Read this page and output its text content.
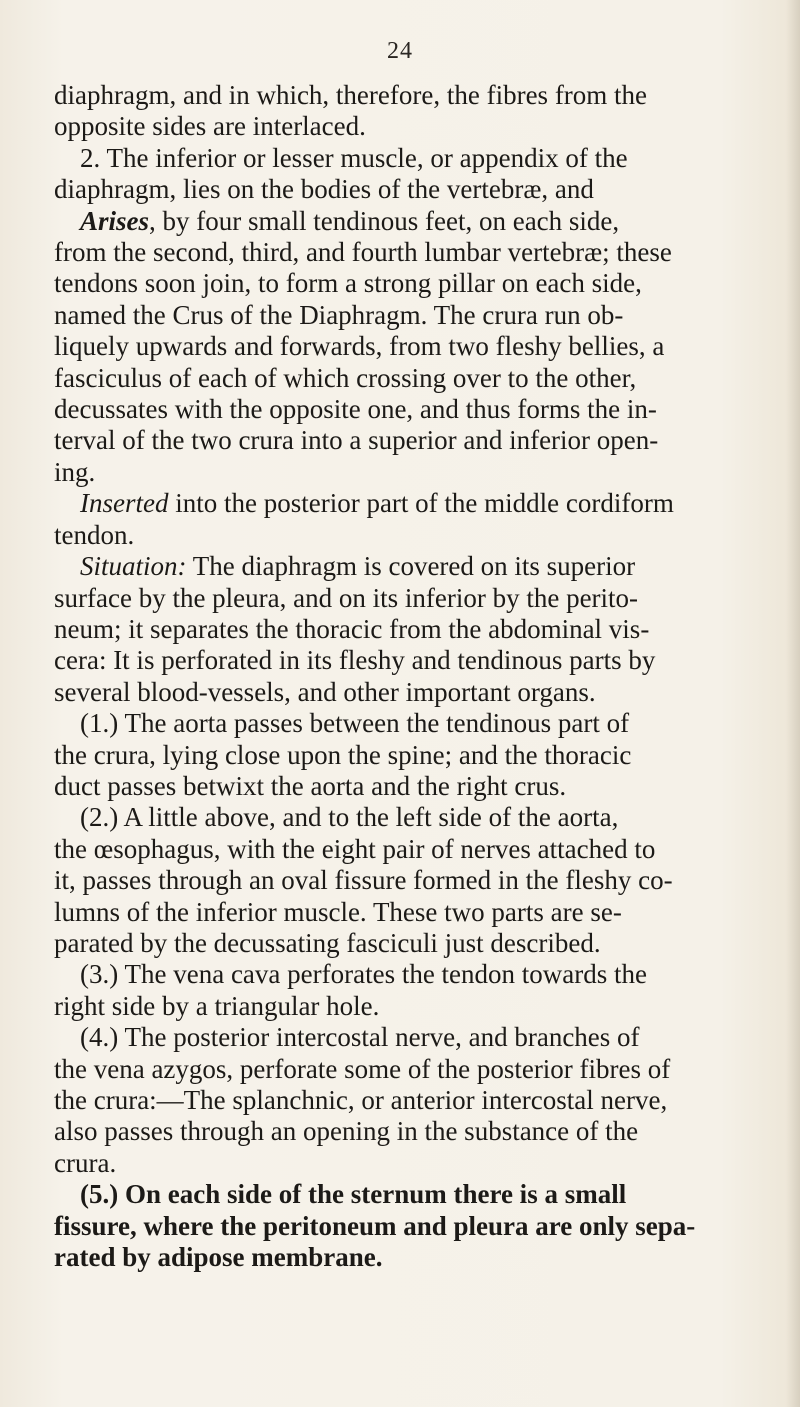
24
diaphragm, and in which, therefore, the fibres from the
opposite sides are interlaced.
2. The inferior or lesser muscle, or appendix of the
diaphragm, lies on the bodies of the vertebræ, and
Arises, by four small tendinous feet, on each side,
from the second, third, and fourth lumbar vertebræ; these
tendons soon join, to form a strong pillar on each side,
named the Crus of the Diaphragm. The crura run ob-
liquely upwards and forwards, from two fleshy bellies, a
fasciculus of each of which crossing over to the other,
decussates with the opposite one, and thus forms the in-
terval of the two crura into a superior and inferior open-
ing.
Inserted into the posterior part of the middle cordiform
tendon.
Situation: The diaphragm is covered on its superior
surface by the pleura, and on its inferior by the perito-
neum; it separates the thoracic from the abdominal vis-
cera: It is perforated in its fleshy and tendinous parts by
several blood-vessels, and other important organs.
(1.) The aorta passes between the tendinous part of
the crura, lying close upon the spine; and the thoracic
duct passes betwixt the aorta and the right crus.
(2.) A little above, and to the left side of the aorta,
the œsophagus, with the eight pair of nerves attached to
it, passes through an oval fissure formed in the fleshy co-
lumns of the inferior muscle. These two parts are se-
parated by the decussating fasciculi just described.
(3.) The vena cava perforates the tendon towards the
right side by a triangular hole.
(4.) The posterior intercostal nerve, and branches of
the vena azygos, perforate some of the posterior fibres of
the crura:—The splanchnic, or anterior intercostal nerve,
also passes through an opening in the substance of the
crura.
(5.) On each side of the sternum there is a small
fissure, where the peritoneum and pleura are only sepa-
rated by adipose membrane.
